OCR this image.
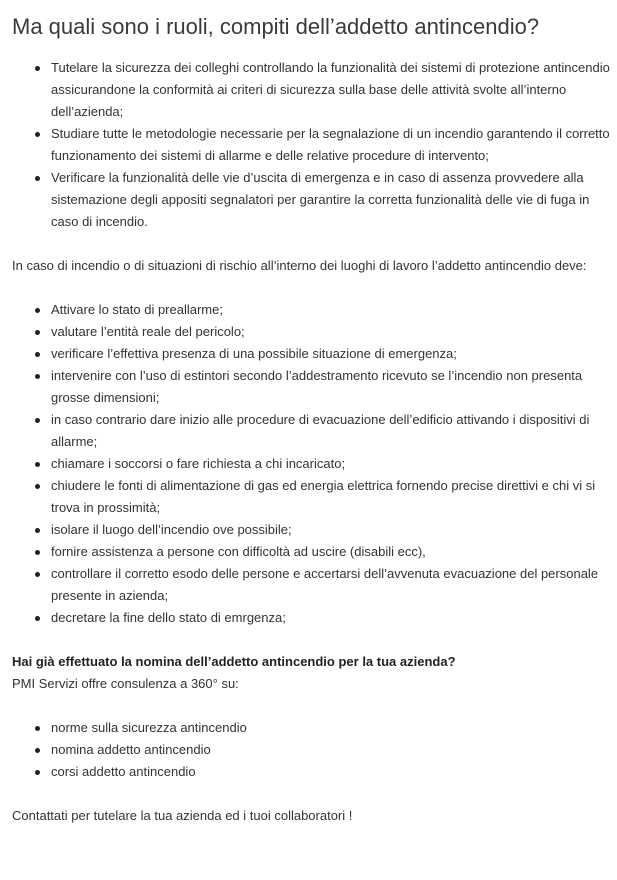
Ma quali sono i ruoli, compiti dell’addetto antincendio?
Tutelare la sicurezza dei colleghi controllando la funzionalità dei sistemi di protezione antincendio assicurandone la conformità ai criteri di sicurezza sulla base delle attività svolte all’interno dell’azienda;
Studiare tutte le metodologie necessarie per la segnalazione di un incendio garantendo il corretto funzionamento dei sistemi di allarme e delle relative procedure di intervento;
Verificare la funzionalità delle vie d’uscita di emergenza e in caso di assenza provvedere alla sistemazione degli appositi segnalatori per garantire la corretta funzionalità delle vie di fuga in caso di incendio.

In caso di incendio o di situazioni di rischio all’interno dei luoghi di lavoro l’addetto antincendio deve:

Attivare lo stato di preallarme;
valutare l’entità reale del pericolo;
verificare l’effettiva presenza di una possibile situazione di emergenza;
intervenire con l’uso di estintori secondo l’addestramento ricevuto se l’incendio non presenta grosse dimensioni;
in caso contrario dare inizio alle procedure di evacuazione dell’edificio attivando i dispositivi di allarme;
chiamare i soccorsi o fare richiesta a chi incaricato;
chiudere le fonti di alimentazione di gas ed energia elettrica fornendo precise direttivi e chi vi si trova in prossimità;
isolare il luogo dell’incendio ove possibile;
fornire assistenza a persone con difficoltà ad uscire (disabili ecc),
controllare il corretto esodo delle persone e accertarsi dell’avvenuta evacuazione del personale presente in azienda;
decretare la fine dello stato di emrgenza;

Hai già effettuato la nomina dell’addetto antincendio per la tua azienda?

PMI Servizi offre consulenza a 360° su:

norme sulla sicurezza antincendio
nomina addetto antincendio
corsi addetto antincendio

Contattati per tutelare la tua azienda ed i tuoi collaboratori !
